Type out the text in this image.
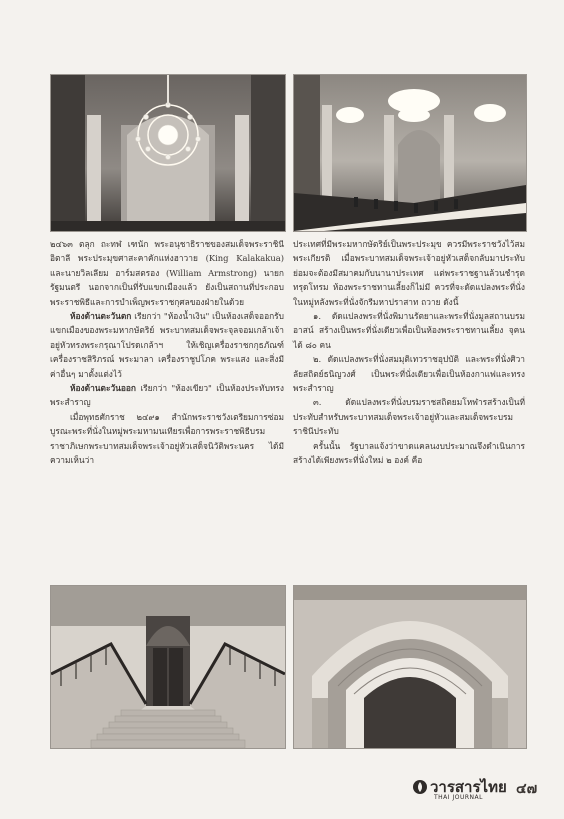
๒๔๖๓ ตลุก ถะทฬ เฑนัก พระอนุชาธิราชของสมเด็จพระราชินีอิตาลี พระประมุขศาสะคาคักแห่งฮาวาย (King Kalakakua) และนายวิลเลียม อาร์มสตรอง (William Armstrong) นายกรัฐมนตรี นอกจากเป็นที่รับแขกเมืองแล้ว ยังเป็นสถานที่ประกอบพระราชพิธีและการบำเพ็ญพระราชกุศลของฝ่ายในด้วย

ห้องด้านตะวันตก เรียกว่า "ห้องน้ำเงิน" เป็นห้องเสด็จออกรับแขกเมืองของพระมหากษัตริย์ พระบาทสมเด็จพระจุลจอมเกล้าเจ้าอยู่หัวทรงพระกรุณาโปรดเกล้าฯ ให้เชิญเครื่องราชกกุธภัณฑ์ เครื่องราชสิริภรณ์ พระมาลา เครื่องราชูปโภค พระแสง และสิ่งมีค่าอื่นๆ มาตั้งแต่งไว้

ห้องด้านตะวันออก เรียกว่า "ห้องเขียว" เป็นห้องประทับทรงพระสำราญ

เมื่อพุทธศักราช ๒๔๙๑ สำนักพระราชวังเตรียมการซ่อมบูรณะพระที่นั่งในหมู่พระมหามนเทียรเพื่อการพระราชพิธีบรมราชาภิเษกพระบาทสมเด็จพระเจ้าอยู่หัวเสด็จนิวัติพระนคร ได้มีความเห็นว่า

ประเทศที่มีพระมหากษัตริย์เป็นพระประมุข ควรมีพระราชวังไว้สมพระเกียรติ เมื่อพระบาทสมเด็จพระเจ้าอยู่หัวเสด็จกลับมาประทับ ย่อมจะต้องมีสมาคมกับนานาประเทศ แต่พระราชฐานล้วนชำรุดทรุดโทรม ห้องพระราชทานเลี้ยงก็ไม่มี ควรที่จะดัดแปลงพระที่นั่งในหมู่หลังพระที่นั่งจักรีมหาปราสาท ถวาย ดังนี้

๑. ดัดแปลงพระที่นั่งพิมานรัตยาและพระที่นั่งมูลสถานบรมอาสน์ สร้างเป็นพระที่นั่งเดียวเพื่อเป็นห้องพระราชทานเลี้ยง จุคนได้ ๘๐ คน

๒. ดัดแปลงพระที่นั่งสมมุติเทวราชอุปบัติ และพระที่นั่งศิวาลัยสถิตย์ธนิญวงศ์ เป็นพระที่นั่งเดียวเพื่อเป็นห้องกาแฟและทรงพระสำราญ

๓. ดัดแปลงพระที่นั่งบรมราชสถิตยมโหฬารสร้างเป็นที่ประทับสำหรับพระบาทสมเด็จพระเจ้าอยู่หัวและสมเด็จพระบรมราชินีประทับ

ครั้นนั้น รัฐบาลแจ้งว่าขาดแคลนงบประมาณจึงดำเนินการสร้างได้เพียงพระที่นั่งใหม่ ๒ องค์ คือ

วารสารไทย
THAI JOURNAL
๔๗
